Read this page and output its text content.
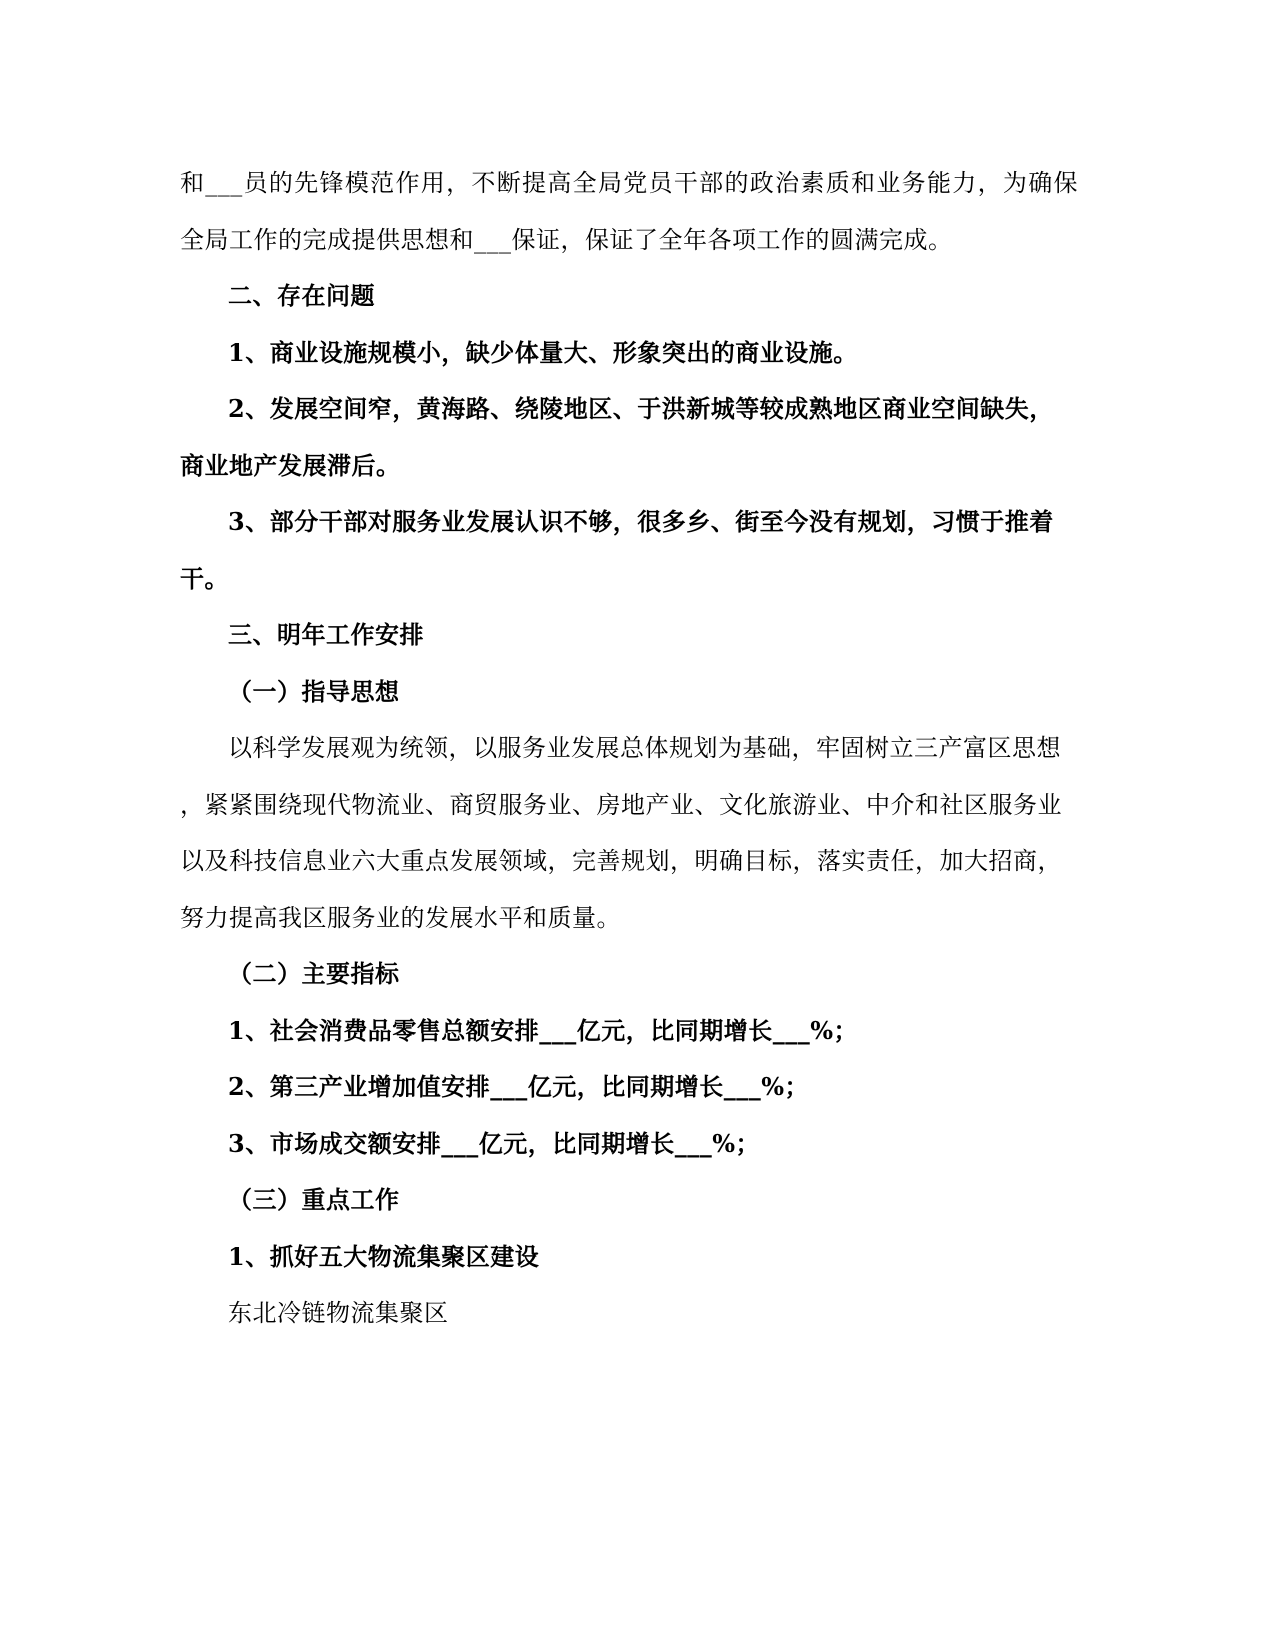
和___员的先锋模范作用，不断提高全局党员干部的政治素质和业务能力，为确保
全局工作的完成提供思想和___保证，保证了全年各项工作的圆满完成。
二、存在问题
1、商业设施规模小，缺少体量大、形象突出的商业设施。
2、发展空间窄，黄海路、绕陵地区、于洪新城等较成熟地区商业空间缺失，
商业地产发展滞后。
3、部分干部对服务业发展认识不够，很多乡、街至今没有规划，习惯于推着
干。
三、明年工作安排
（一）指导思想
以科学发展观为统领，以服务业发展总体规划为基础，牢固树立三产富区思想
，紧紧围绕现代物流业、商贸服务业、房地产业、文化旅游业、中介和社区服务业
以及科技信息业六大重点发展领域，完善规划，明确目标，落实责任，加大招商，
努力提高我区服务业的发展水平和质量。
（二）主要指标
1、社会消费品零售总额安排___亿元，比同期增长___%；
2、第三产业增加值安排___亿元，比同期增长___%；
3、市场成交额安排___亿元，比同期增长___%；
（三）重点工作
1、抓好五大物流集聚区建设
东北冷链物流集聚区
